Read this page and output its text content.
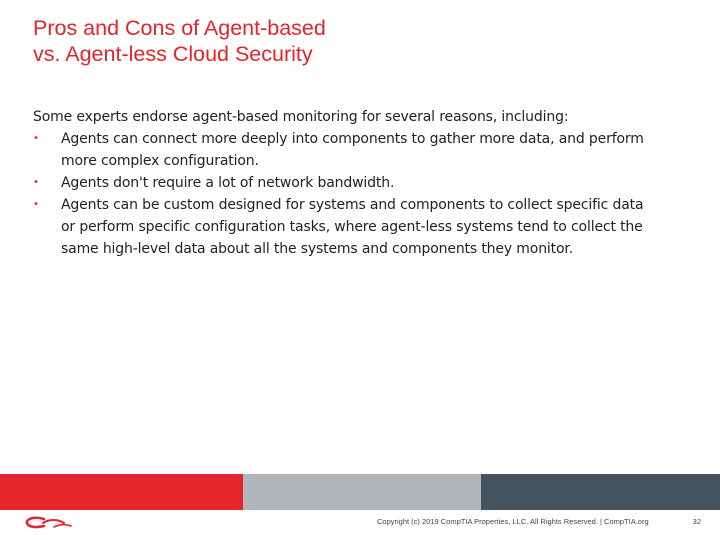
Pros and Cons of Agent-based
vs. Agent-less Cloud Security

Some experts endorse agent-based monitoring for several reasons, including:

• Agents can connect more deeply into components to gather more data, and perform
more complex configuration.
• Agents don't require a lot of network bandwidth.
• Agents can be custom designed for systems and components to collect specific data
or perform specific configuration tasks, where agent-less systems tend to collect the
same high-level data about all the systems and components they monitor.
Copyright (c) 2019 CompTIA Properties, LLC. All Rights Reserved. | CompTIA.org	32
